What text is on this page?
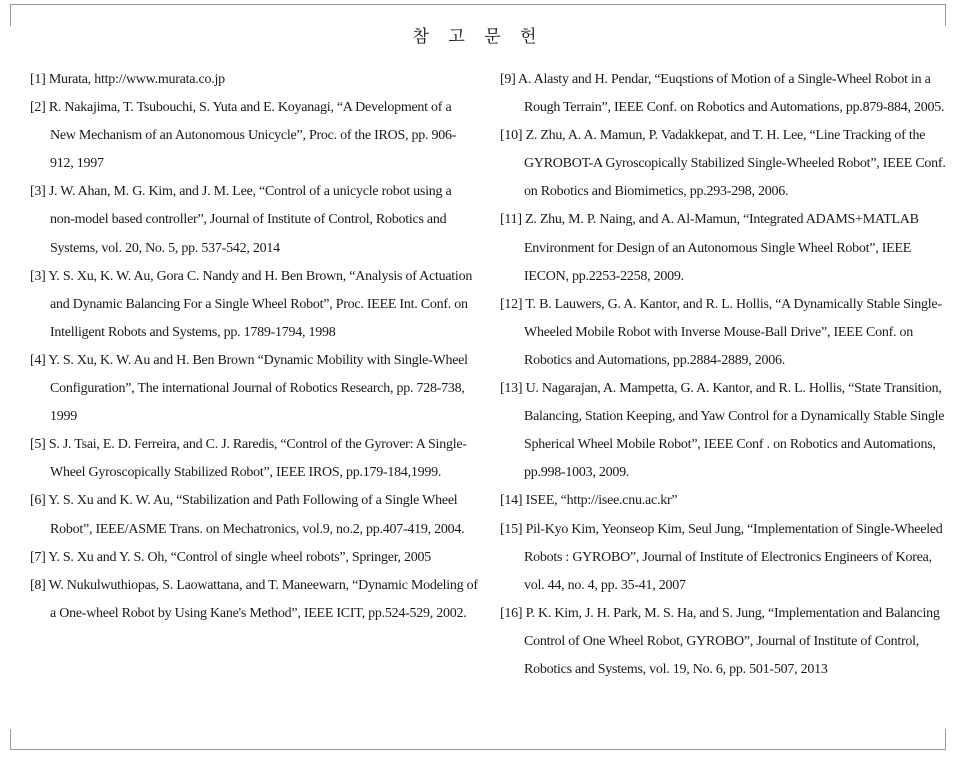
참 고 문 헌

[1] Murata, http://www.murata.co.jp

[2] R. Nakajima, T. Tsubouchi, S. Yuta and E. Koyanagi, “A Development of a New Mechanism of an Autonomous Unicycle”, Proc. of the IROS, pp. 906-912, 1997

[3] J. W. Ahan, M. G. Kim, and J. M. Lee, “Control of a unicycle robot using a non-model based controller”, Journal of Institute of Control, Robotics and Systems, vol. 20, No. 5, pp. 537-542, 2014

[3] Y. S. Xu, K. W. Au, Gora C. Nandy and H. Ben Brown, “Analysis of Actuation and Dynamic Balancing For a Single Wheel Robot”, Proc. IEEE Int. Conf. on Intelligent Robots and Systems, pp. 1789-1794, 1998

[4] Y. S. Xu, K. W. Au and H. Ben Brown “Dynamic Mobility with Single-Wheel Configuration”, The international Journal of Robotics Research, pp. 728-738, 1999

[5] S. J. Tsai, E. D. Ferreira, and C. J. Raredis, “Control of the Gyrover: A Single-Wheel Gyroscopically Stabilized Robot”, IEEE IROS, pp.179-184,1999.

[6] Y. S. Xu and K. W. Au, “Stabilization and Path Following of a Single Wheel Robot”, IEEE/ASME Trans. on Mechatronics, vol.9, no.2, pp.407-419, 2004.

[7] Y. S. Xu and Y. S. Oh, “Control of single wheel robots”, Springer, 2005

[8] W. Nukulwuthiopas, S. Laowattana, and T. Maneewarn, “Dynamic Modeling of a One-wheel Robot by Using Kane's Method”, IEEE ICIT, pp.524-529, 2002.

[9] A. Alasty and H. Pendar, “Euqstions of Motion of a Single-Wheel Robot in a Rough Terrain”, IEEE Conf. on Robotics and Automations, pp.879-884, 2005.

[10] Z. Zhu, A. A. Mamun, P. Vadakkepat, and T. H. Lee, “Line Tracking of the GYROBOT-A Gyroscopically Stabilized Single-Wheeled Robot”, IEEE Conf. on Robotics and Biomimetics, pp.293-298, 2006.

[11] Z. Zhu, M. P. Naing, and A. Al-Mamun, “Integrated ADAMS+MATLAB Environment for Design of an Autonomous Single Wheel Robot”, IEEE IECON, pp.2253-2258, 2009.

[12] T. B. Lauwers, G. A. Kantor, and R. L. Hollis, “A Dynamically Stable Single-Wheeled Mobile Robot with Inverse Mouse-Ball Drive”, IEEE Conf. on Robotics and Automations, pp.2884-2889, 2006.

[13] U. Nagarajan, A. Mampetta, G. A. Kantor, and R. L. Hollis, “State Transition, Balancing, Station Keeping, and Yaw Control for a Dynamically Stable Single Spherical Wheel Mobile Robot”, IEEE Conf . on Robotics and Automations, pp.998-1003, 2009.

[14] ISEE, “http://isee.cnu.ac.kr”

[15] Pil-Kyo Kim, Yeonseop Kim, Seul Jung, “Implementation of Single-Wheeled Robots : GYROBO”, Journal of Institute of Electronics Engineers of Korea, vol. 44, no. 4, pp. 35-41, 2007

[16] P. K. Kim, J. H. Park, M. S. Ha, and S. Jung, “Implementation and Balancing Control of One Wheel Robot, GYROBO”, Journal of Institute of Control, Robotics and Systems, vol. 19, No. 6, pp. 501-507, 2013
